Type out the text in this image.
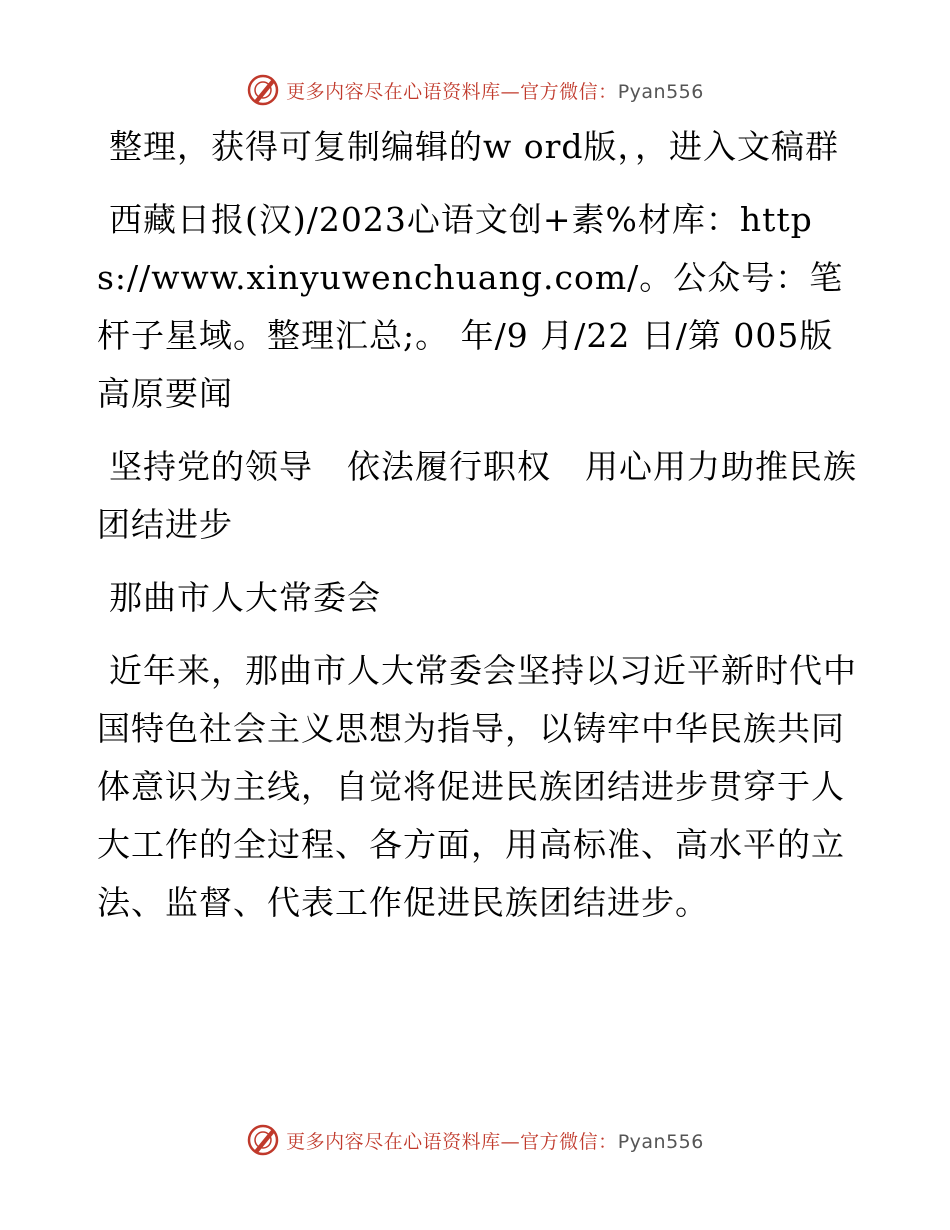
更多内容尽在心语资料库—官方微信：Pyan556

整理，获得可复制编辑的w ord版，，进入文稿群

西藏日报(汉)/2023心语文创+素%材库：https://www.xinyuwenchuang.com/。公众号：笔杆子星域。整理汇总;。 年/9 月/22 日/第 005版高原要闻

坚持党的领导　依法履行职权　用心用力助推民族团结进步

那曲市人大常委会

近年来，那曲市人大常委会坚持以习近平新时代中国特色社会主义思想为指导，以铸牢中华民族共同体意识为主线，自觉将促进民族团结进步贯穿于人大工作的全过程、各方面，用高标准、高水平的立法、监督、代表工作促进民族团结进步。

更多内容尽在心语资料库—官方微信：Pyan556
